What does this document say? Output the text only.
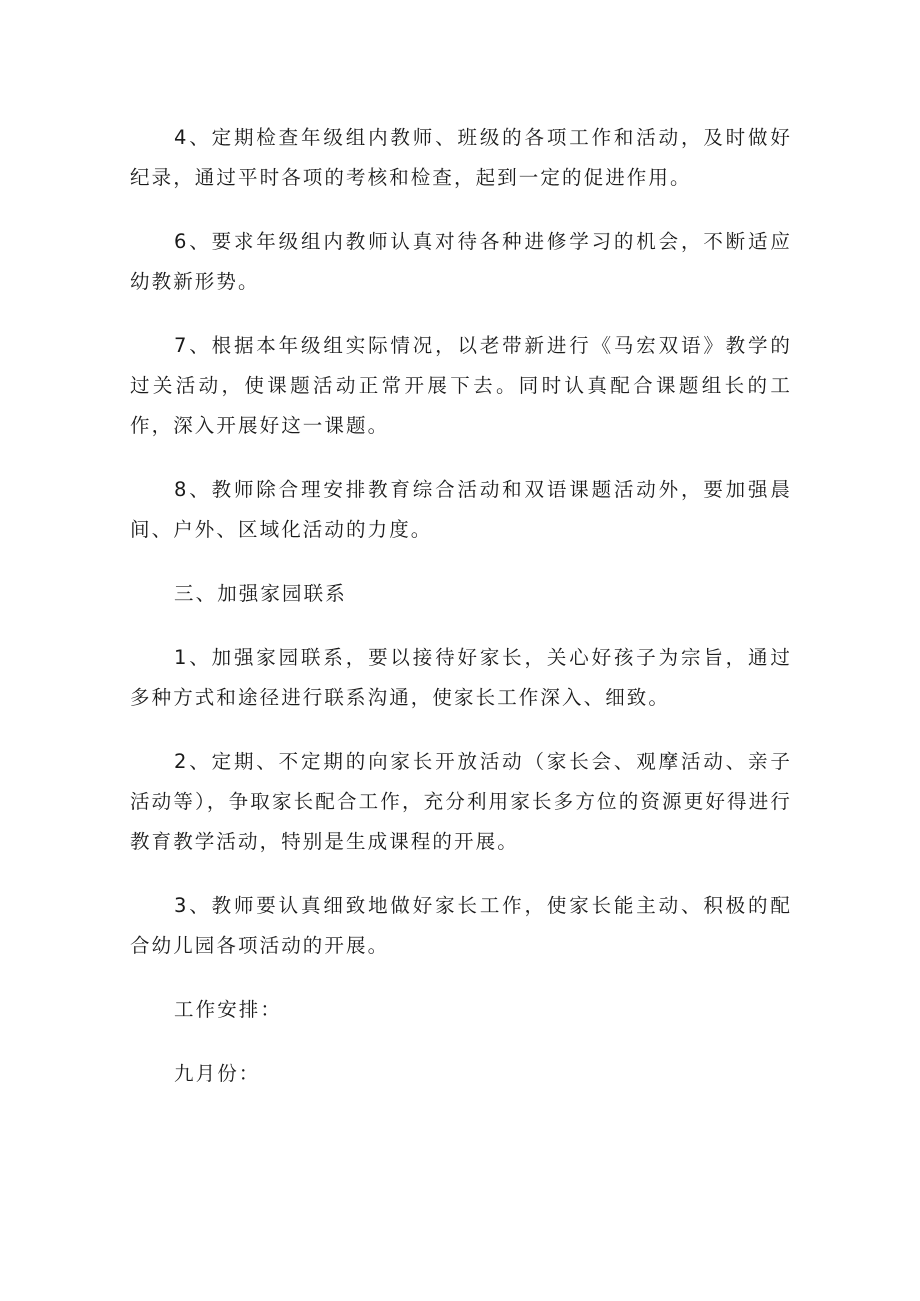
4、定期检查年级组内教师、班级的各项工作和活动，及时做好纪录，通过平时各项的考核和检查，起到一定的促进作用。

6、要求年级组内教师认真对待各种进修学习的机会，不断适应幼教新形势。

7、根据本年级组实际情况，以老带新进行《马宏双语》教学的过关活动，使课题活动正常开展下去。同时认真配合课题组长的工作，深入开展好这一课题。

8、教师除合理安排教育综合活动和双语课题活动外，要加强晨间、户外、区域化活动的力度。

三、加强家园联系

1、加强家园联系，要以接待好家长，关心好孩子为宗旨，通过多种方式和途径进行联系沟通，使家长工作深入、细致。

2、定期、不定期的向家长开放活动（家长会、观摩活动、亲子活动等），争取家长配合工作，充分利用家长多方位的资源更好得进行教育教学活动，特别是生成课程的开展。

3、教师要认真细致地做好家长工作，使家长能主动、积极的配合幼儿园各项活动的开展。

工作安排：

九月份：
